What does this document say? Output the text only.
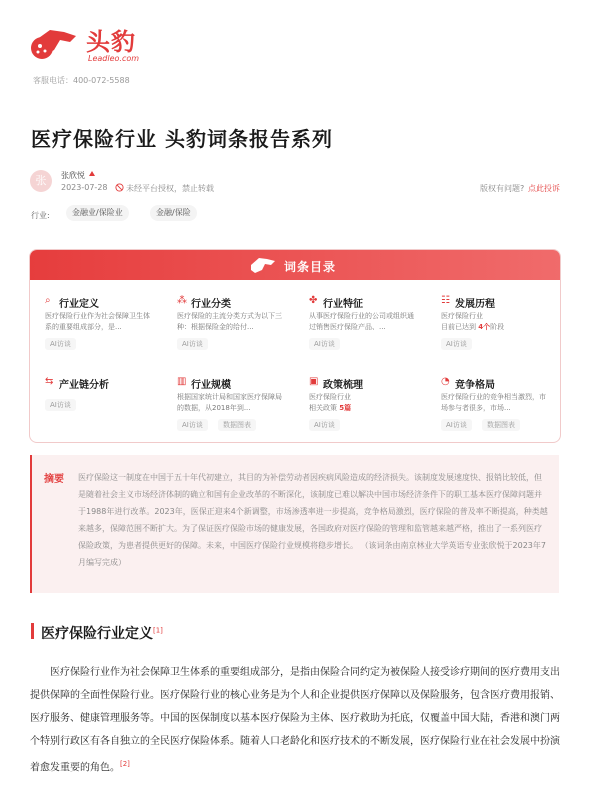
头豹
Leadleo.com
客服电话：400-072-5588
医疗保险行业 头豹词条报告系列
张	张欣悦
2023-07-28 未经平台授权，禁止转载	版权有问题? 点此投诉
行业:	金融业/保险业	金融/保险
词条目录
⌕ 行业定义
医疗保险行业作为社会保障卫生体系的重要组成部分，是...
AI访谈
⁂ 行业分类
医疗保险的主流分类方式为以下三种：根据保险金的给付...
AI访谈
✤ 行业特征
从事医疗保险行业的公司或组织通过销售医疗保险产品、...
AI访谈
☷ 发展历程
医疗保险行业
目前已达到 4个阶段
AI访谈
⇆ 产业链分析
AI访谈
▥ 行业规模
根据国家统计局和国家医疗保障局的数据，从2018年到...
AI访谈	数据图表
▣ 政策梳理
医疗保险行业
相关政策 5篇
AI访谈
◔ 竞争格局
医疗保险行业的竞争相当激烈，市场参与者很多，市场...
AI访谈	数据图表
摘要 医疗保险这一制度在中国于五十年代初建立，其目的为补偿劳动者因疾病风险造成的经济损失。该制度发展速度快、报销比较低，但是随着社会主义市场经济体制的确立和国有企业改革的不断深化，该制度已难以解决中国市场经济条件下的职工基本医疗保障问题并于1988年进行改革。2023年，医保正迎来4个新调整，市场渗透率进一步提高，竞争格局激烈，医疗保险的普及率不断提高，种类越来越多，保障范围不断扩大。为了保证医疗保险市场的健康发展，各国政府对医疗保险的管理和监管越来越严格，推出了一系列医疗保险政策，为患者提供更好的保障。未来，中国医疗保险行业规模将稳步增长。 （该词条由南京林业大学英语专业张欣悦于2023年7月编写完成）
医疗保险行业定义[1]
医疗保险行业作为社会保障卫生体系的重要组成部分，是指由保险合同约定为被保险人接受诊疗期间的医疗费用支出提供保障的全面性保险行业。医疗保险行业的核心业务是为个人和企业提供医疗保障以及保险服务，包含医疗费用报销、医疗服务、健康管理服务等。中国的医保制度以基本医疗保险为主体、医疗救助为托底，仅覆盖中国大陆，香港和澳门两个特别行政区有各自独立的全民医疗保险体系。随着人口老龄化和医疗技术的不断发展，医疗保险行业在社会发展中扮演着愈发重要的角色。[2]
